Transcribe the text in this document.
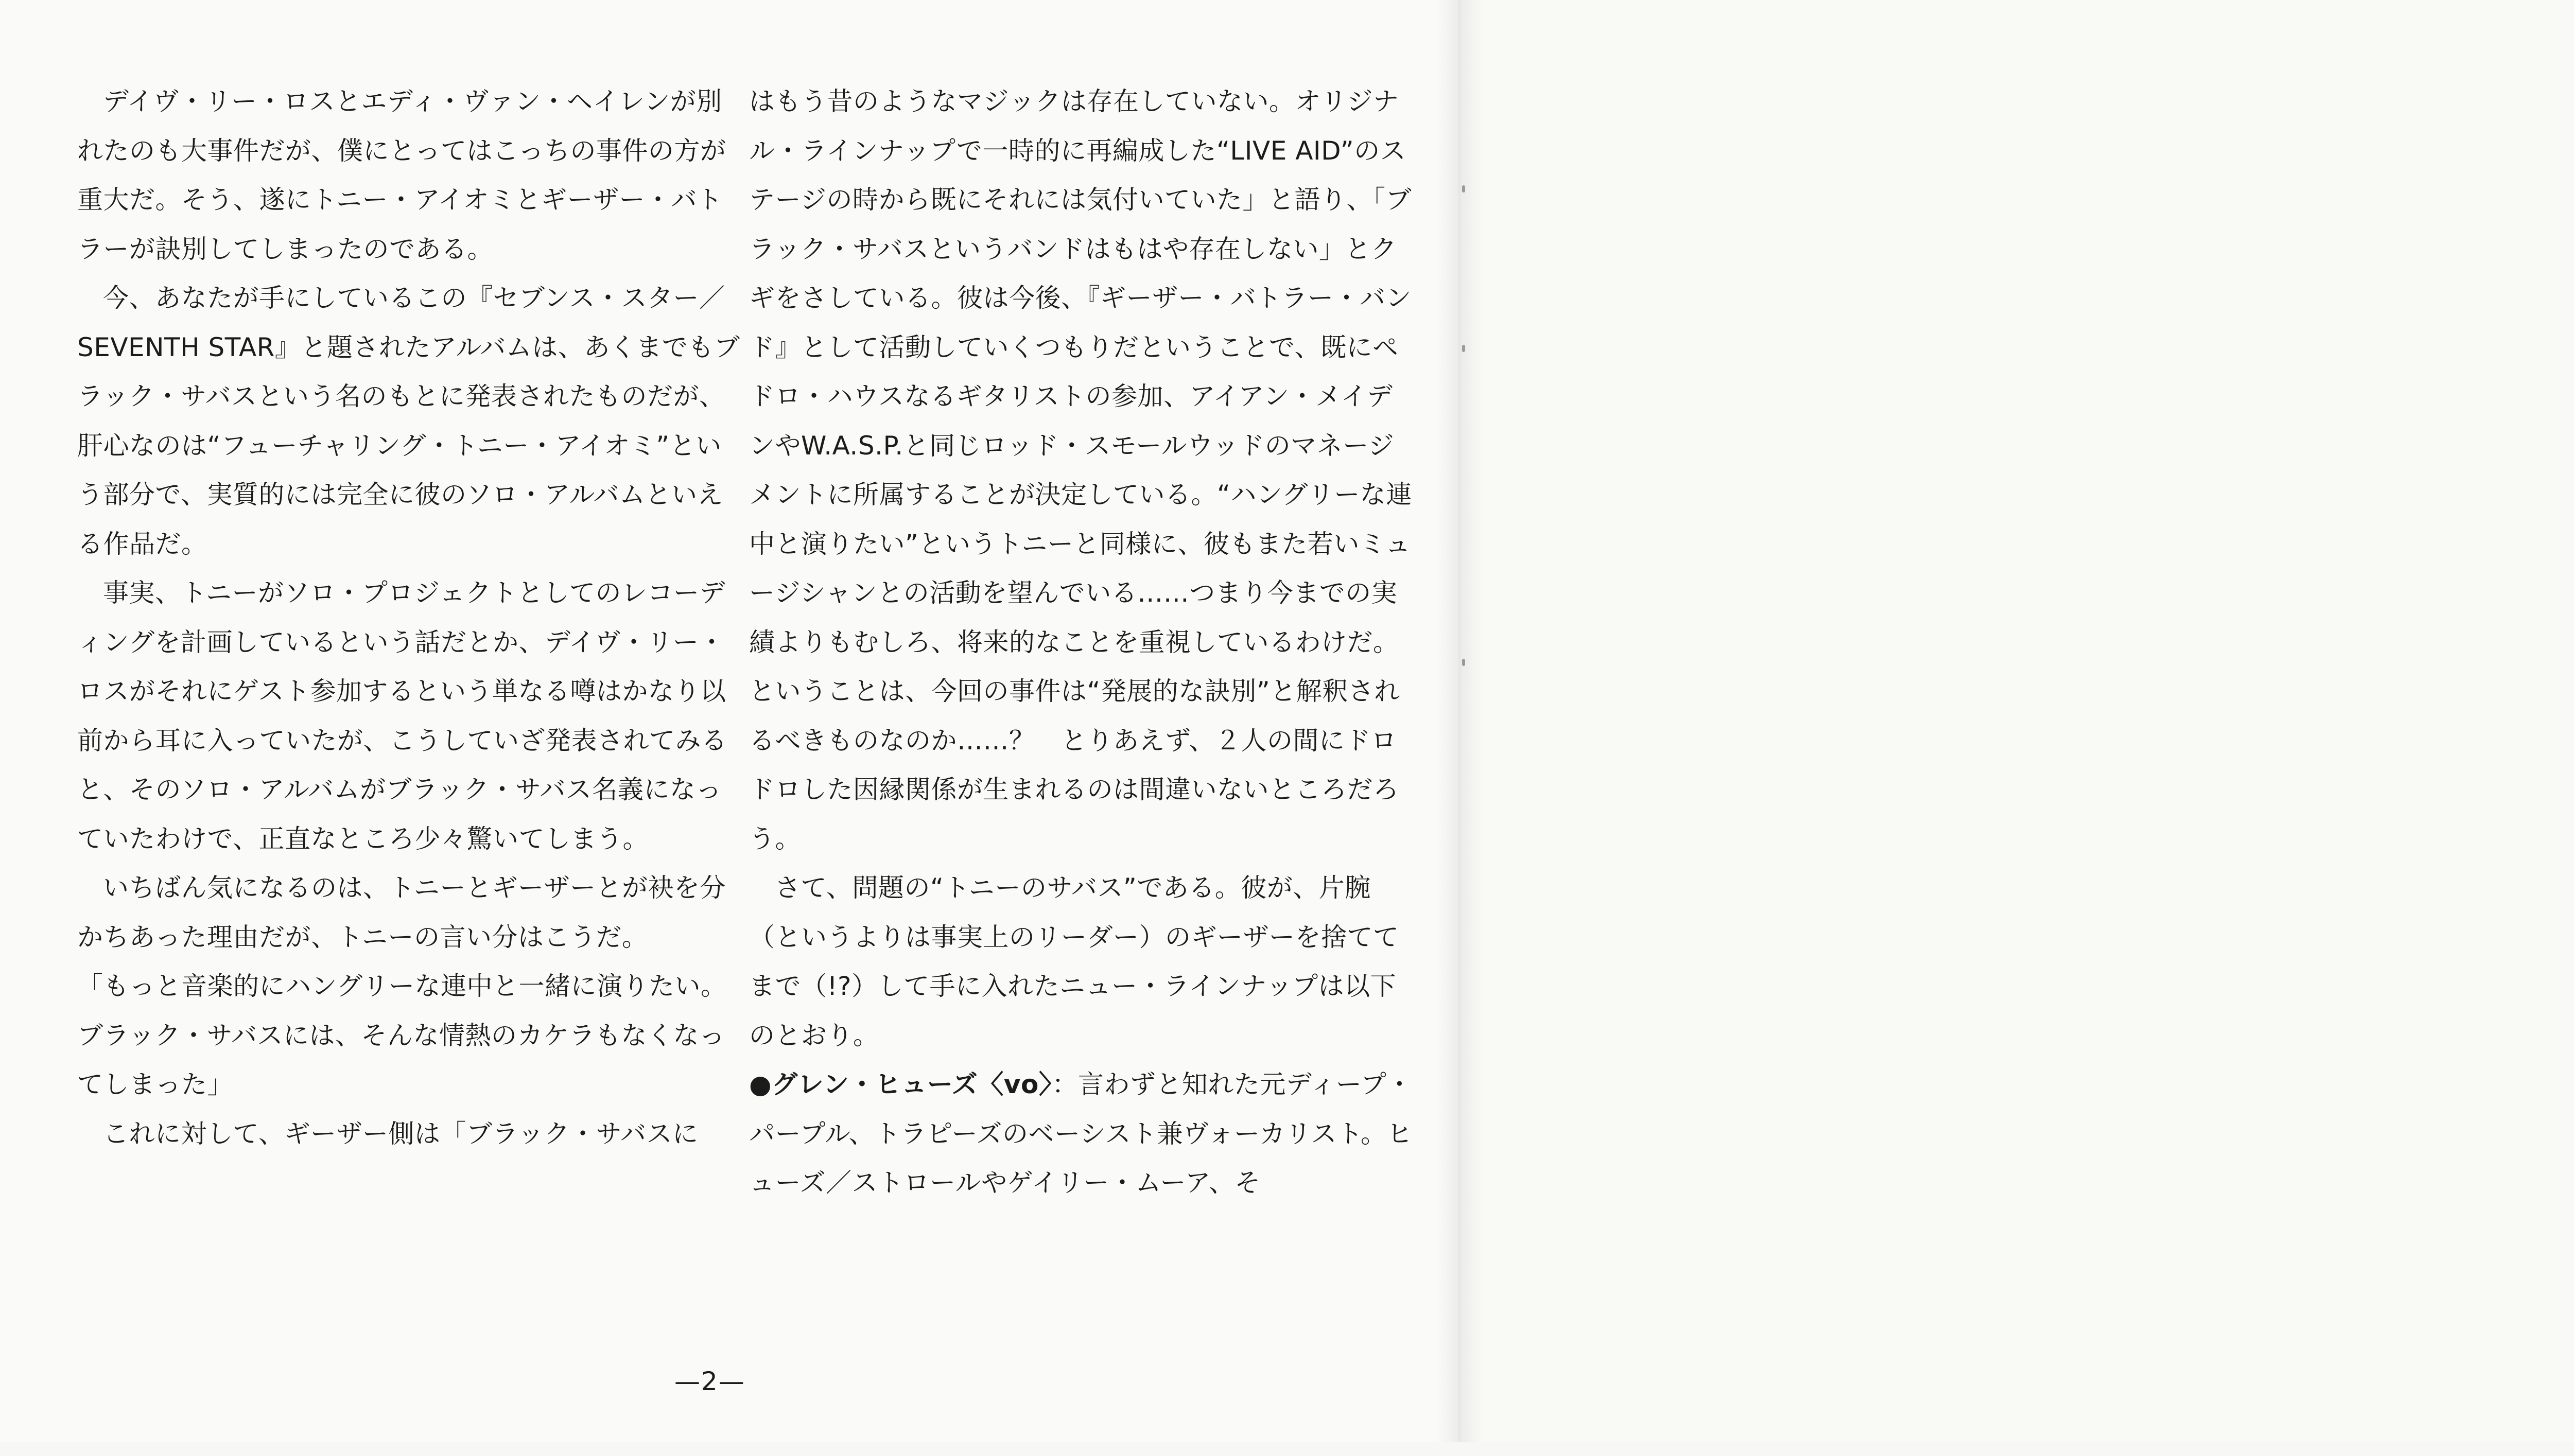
デイヴ・リー・ロスとエディ・ヴァン・ヘイレンが別れたのも大事件だが、僕にとってはこっちの事件の方が重大だ。そう、遂にトニー・アイオミとギーザー・バトラーが訣別してしまったのである。

今、あなたが手にしているこの『セブンス・スター／SEVENTH STAR』と題されたアルバムは、あくまでもブラック・サバスという名のもとに発表されたものだが、肝心なのは“フューチャリング・トニー・アイオミ”という部分で、実質的には完全に彼のソロ・アルバムといえる作品だ。

事実、トニーがソロ・プロジェクトとしてのレコーディングを計画しているという話だとか、デイヴ・リー・ロスがそれにゲスト参加するという単なる噂はかなり以前から耳に入っていたが、こうしていざ発表されてみると、そのソロ・アルバムがブラック・サバス名義になっていたわけで、正直なところ少々驚いてしまう。

いちばん気になるのは、トニーとギーザーとが袂を分かちあった理由だが、トニーの言い分はこうだ。

「もっと音楽的にハングリーな連中と一緒に演りたい。ブラック・サバスには、そんな情熱のカケラもなくなってしまった」

これに対して、ギーザー側は「ブラック・サバスに

はもう昔のようなマジックは存在していない。オリジナル・ラインナップで一時的に再編成した“LIVE AID”のステージの時から既にそれには気付いていた」と語り、「ブラック・サバスというバンドはもはや存在しない」とクギをさしている。彼は今後、『ギーザー・バトラー・バンド』として活動していくつもりだということで、既にペドロ・ハウスなるギタリストの参加、アイアン・メイデンやW.A.S.P.と同じロッド・スモールウッドのマネージメントに所属することが決定している。“ハングリーな連中と演りたい”というトニーと同様に、彼もまた若いミュージシャンとの活動を望んでいる……つまり今までの実績よりもむしろ、将来的なことを重視しているわけだ。ということは、今回の事件は“発展的な訣別”と解釈されるべきものなのか……？　とりあえず、２人の間にドロドロした因縁関係が生まれるのは間違いないところだろう。

さて、問題の“トニーのサバス”である。彼が、片腕（というよりは事実上のリーダー）のギーザーを捨ててまで（!?）して手に入れたニュー・ラインナップは以下のとおり。

●グレン・ヒューズ〈vo〉：言わずと知れた元ディープ・パープル、トラピーズのベーシスト兼ヴォーカリスト。ヒューズ／ストロールやゲイリー・ムーア、そ

—2—
